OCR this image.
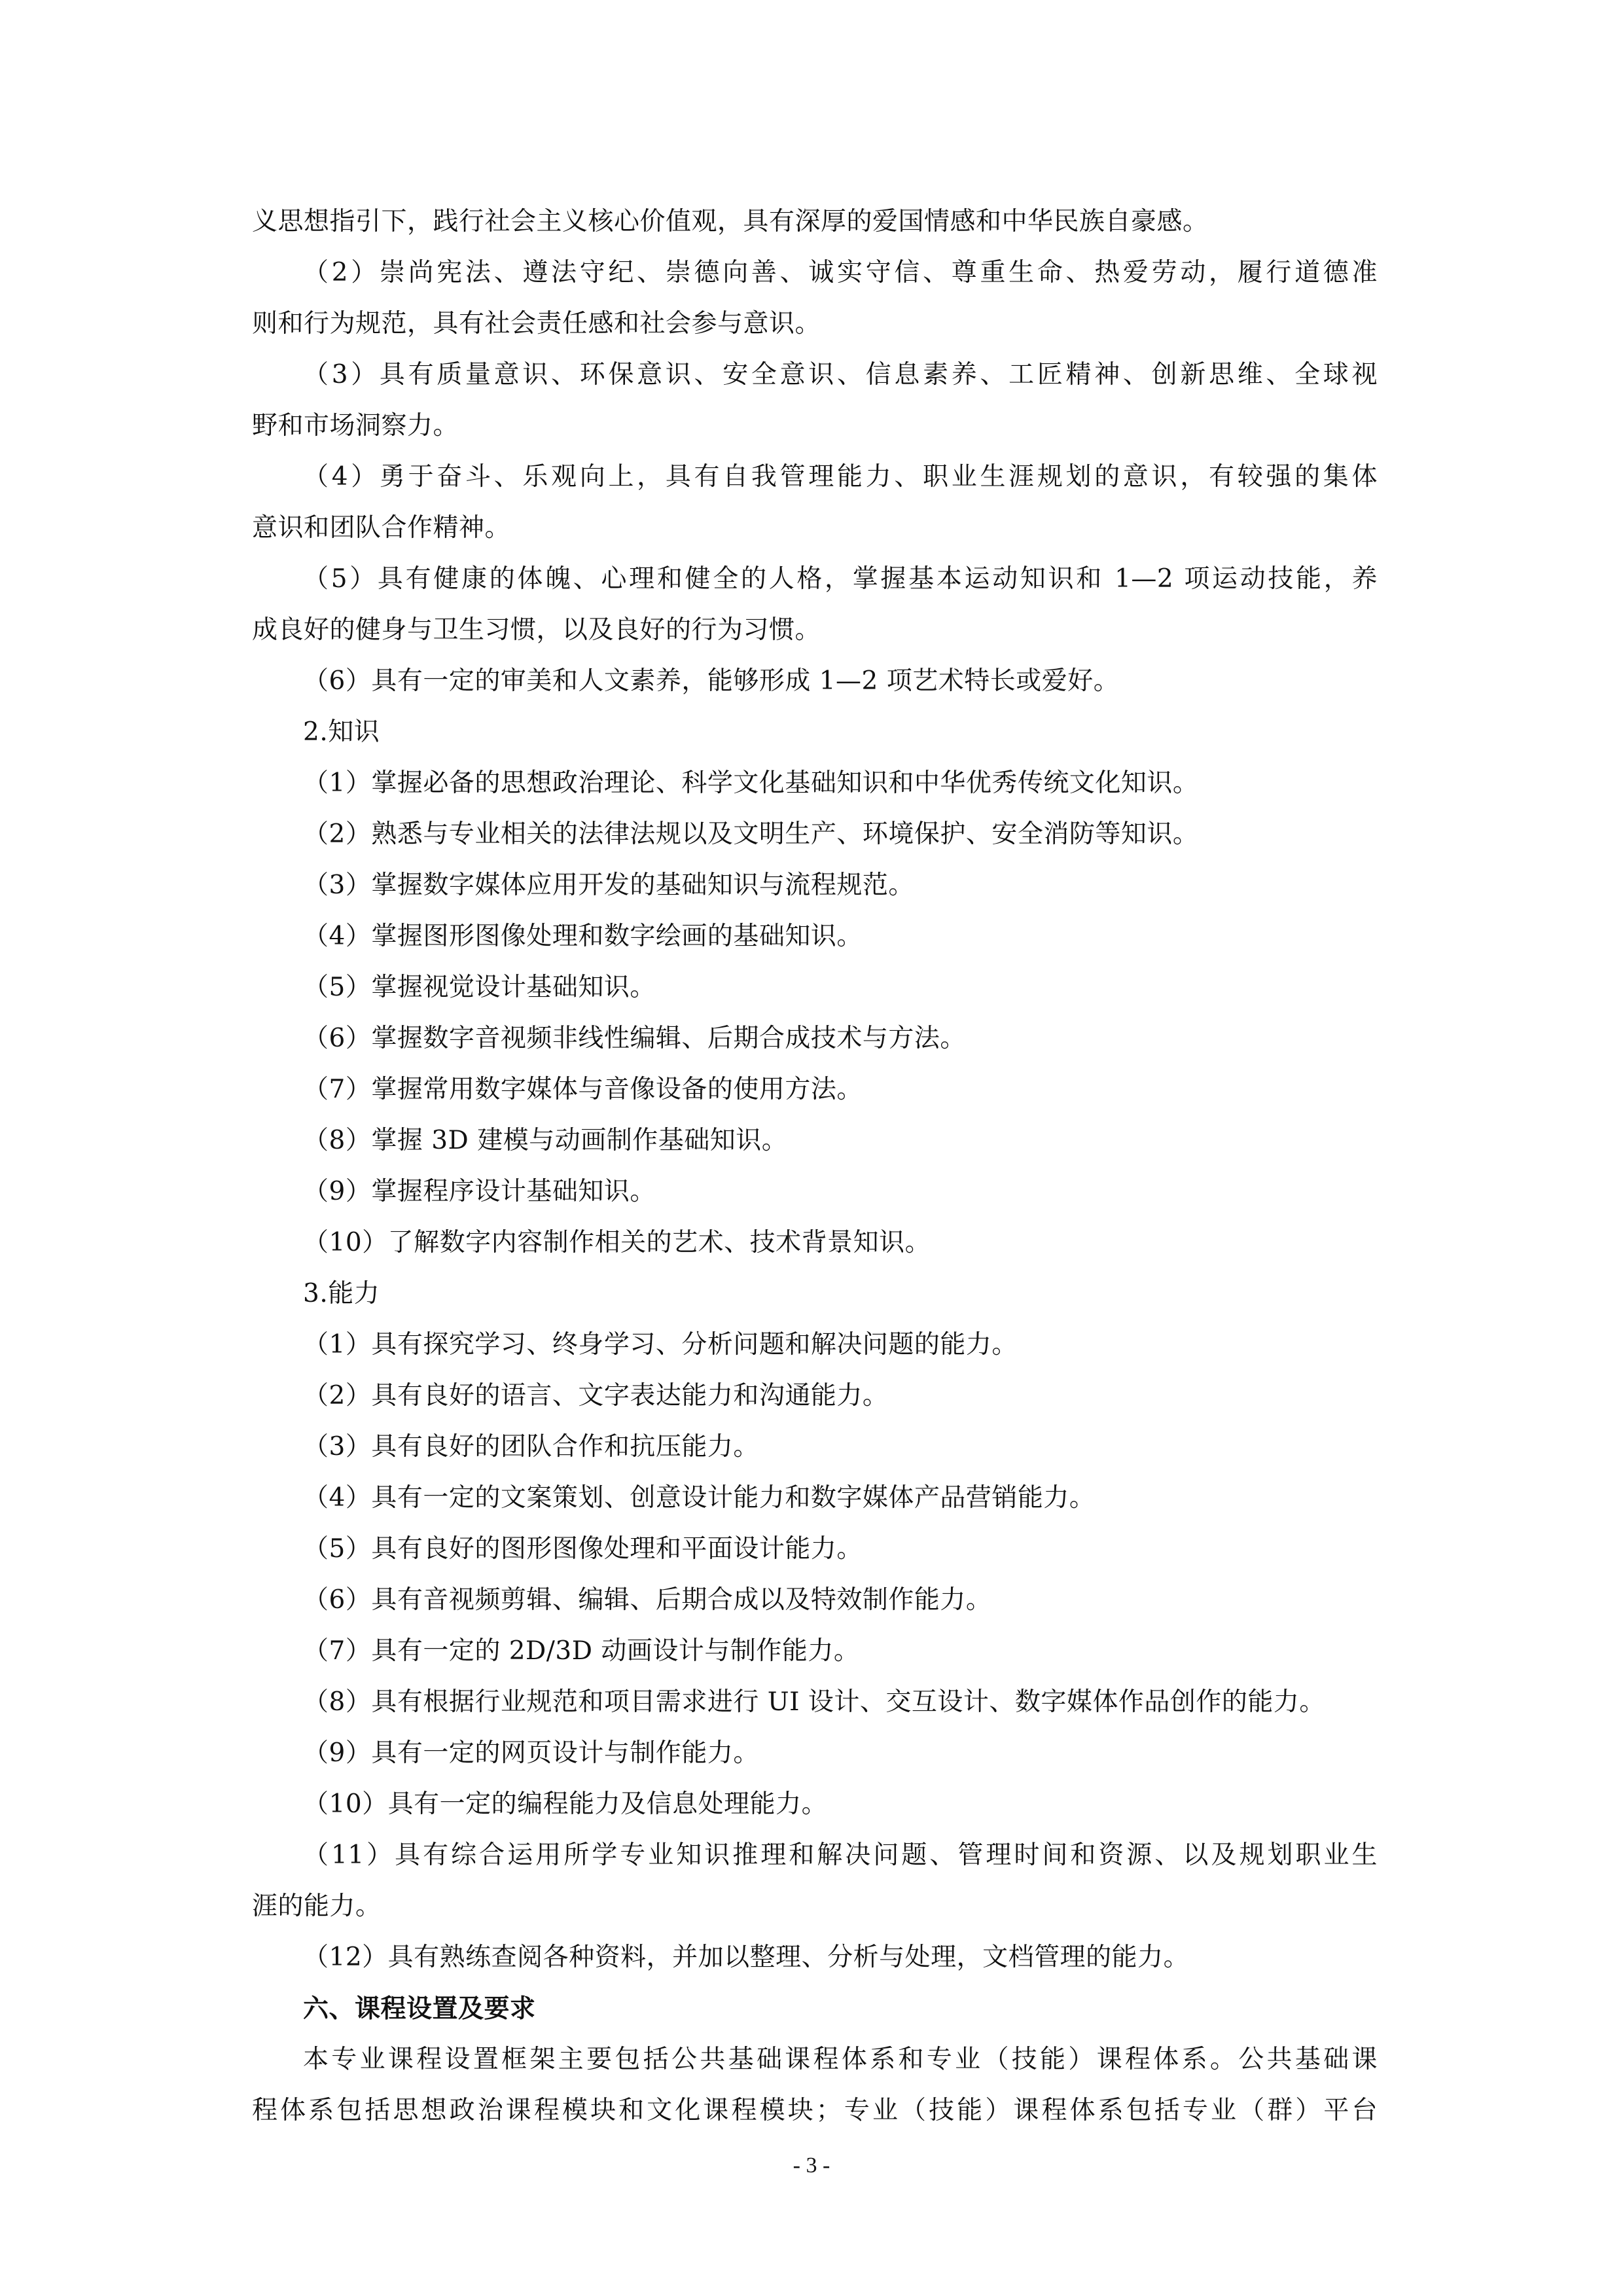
义思想指引下，践行社会主义核心价值观，具有深厚的爱国情感和中华民族自豪感。
（2）崇尚宪法、遵法守纪、崇德向善、诚实守信、尊重生命、热爱劳动，履行道德准
则和行为规范，具有社会责任感和社会参与意识。
（3）具有质量意识、环保意识、安全意识、信息素养、工匠精神、创新思维、全球视
野和市场洞察力。
（4）勇于奋斗、乐观向上，具有自我管理能力、职业生涯规划的意识，有较强的集体
意识和团队合作精神。
（5）具有健康的体魄、心理和健全的人格，掌握基本运动知识和 1—2 项运动技能，养
成良好的健身与卫生习惯，以及良好的行为习惯。
（6）具有一定的审美和人文素养，能够形成 1—2 项艺术特长或爱好。
2.知识
（1）掌握必备的思想政治理论、科学文化基础知识和中华优秀传统文化知识。
（2）熟悉与专业相关的法律法规以及文明生产、环境保护、安全消防等知识。
（3）掌握数字媒体应用开发的基础知识与流程规范。
（4）掌握图形图像处理和数字绘画的基础知识。
（5）掌握视觉设计基础知识。
（6）掌握数字音视频非线性编辑、后期合成技术与方法。
（7）掌握常用数字媒体与音像设备的使用方法。
（8）掌握 3D 建模与动画制作基础知识。
（9）掌握程序设计基础知识。
（10）了解数字内容制作相关的艺术、技术背景知识。
3.能力
（1）具有探究学习、终身学习、分析问题和解决问题的能力。
（2）具有良好的语言、文字表达能力和沟通能力。
（3）具有良好的团队合作和抗压能力。
（4）具有一定的文案策划、创意设计能力和数字媒体产品营销能力。
（5）具有良好的图形图像处理和平面设计能力。
（6）具有音视频剪辑、编辑、后期合成以及特效制作能力。
（7）具有一定的 2D/3D 动画设计与制作能力。
（8）具有根据行业规范和项目需求进行 UI 设计、交互设计、数字媒体作品创作的能力。
（9）具有一定的网页设计与制作能力。
（10）具有一定的编程能力及信息处理能力。
（11）具有综合运用所学专业知识推理和解决问题、管理时间和资源、以及规划职业生
涯的能力。
（12）具有熟练查阅各种资料，并加以整理、分析与处理，文档管理的能力。
六、课程设置及要求
本专业课程设置框架主要包括公共基础课程体系和专业（技能）课程体系。公共基础课
程体系包括思想政治课程模块和文化课程模块；专业（技能）课程体系包括专业（群）平台
- 3 -
